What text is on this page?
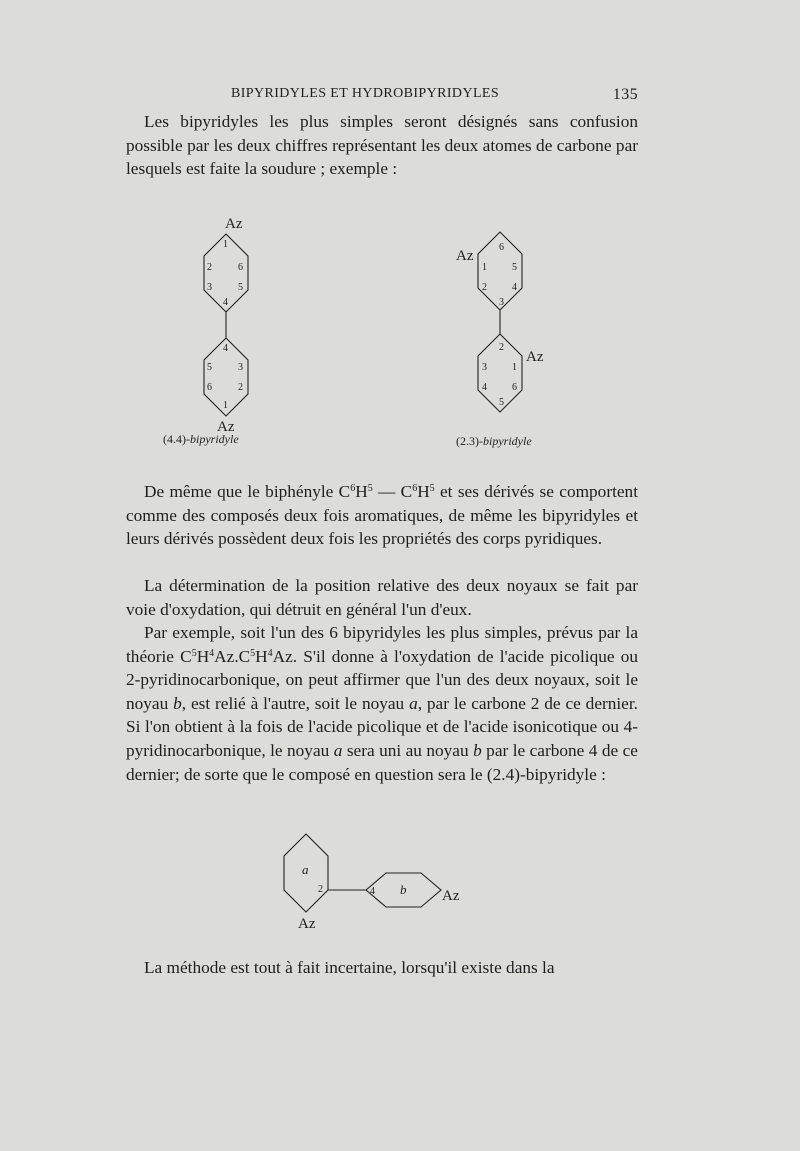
BIPYRIDYLES ET HYDROBIPYRIDYLES	135

Les bipyridyles les plus simples seront désignés sans confusion possible par les deux chiffres représentant les deux atomes de carbone par lesquels est faite la soudure ; exemple :

Az
1
2	6
3	5
4
4
5	3
6	2
1
Az
(4.4)-bipyridyle
Az
6
1	5
2	4
3
2
3	1
4	6
5
Az
(2.3)-bipyridyle

De même que le biphényle $C^6H^5$ — $C^6H^5$ et ses dérivés se comportent comme des composés deux fois aromatiques, de même les bipyridyles et leurs dérivés possèdent deux fois les propriétés des corps pyridiques.

La détermination de la position relative des deux noyaux se fait par voie d'oxydation, qui détruit en général l'un d'eux.

Par exemple, soit l'un des 6 bipyridyles les plus simples, prévus par la théorie $C^5H^4Az.C^5H^4Az$. S'il donne à l'oxydation de l'acide picolique ou 2-pyridinocarbonique, on peut affirmer que l'un des deux noyaux, soit le noyau b, est relié à l'autre, soit le noyau a, par le carbone 2 de ce dernier. Si l'on obtient à la fois de l'acide picolique et de l'acide isonicotique ou 4-pyridinocarbonique, le noyau a sera uni au noyau b par le carbone 4 de ce dernier; de sorte que le composé en question sera le (2.4)-bipyridyle :

a
2
Az
4 b Az

La méthode est tout à fait incertaine, lorsqu'il existe dans la
